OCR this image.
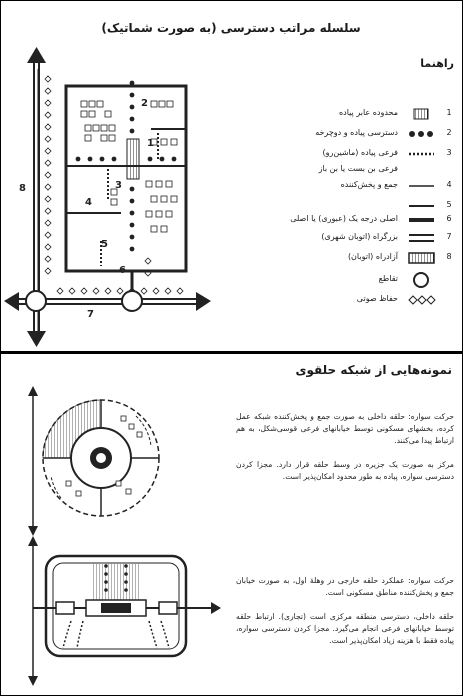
سلسله مراتب دسترسی (به صورت شماتیک)
1
2
3
4
5
6
7
8
راهنما
1
محدوده عابر پیاده
2
دسترسی پیاده و دوچرخه
3
فرعی پیاده (ماشین‌رو)
فرعی بن بست یا بن باز
4
جمع و پخش‌کننده
5
6
اصلی درجه یک (عبوری) یا اصلی
7
بزرگراه (اتوبان شهری)
8
آزادراه (اتوبان)
تقاطع
حفاظ صوتی
نمونه‌هایی از شبکه حلقوی
حرکت سواره: حلقه داخلی به صورت جمع و پخش‌کننده شبکه عمل کرده، بخشهای مسکونی توسط خیابانهای فرعی قوسی‌شکل، به هم ارتباط پیدا می‌کنند.
مرکز به صورت یک جزیره در وسط حلقه قرار دارد. مجزا کردن دسترسی سواره، پیاده به طور محدود امکان‌پذیر است.
حرکت سواره: عملکرد حلقه خارجی در وهلهٔ اول، به صورت خیابان جمع و پخش‌کننده مناطق مسکونی است.
حلقه داخلی، دسترسی منطقه مرکزی است (تجاری). ارتباط حلقه توسط خیابانهای فرعی انجام می‌گیرد. مجزا کردن دسترسی سواره، پیاده فقط با هزینه زیاد امکان‌پذیر است.
